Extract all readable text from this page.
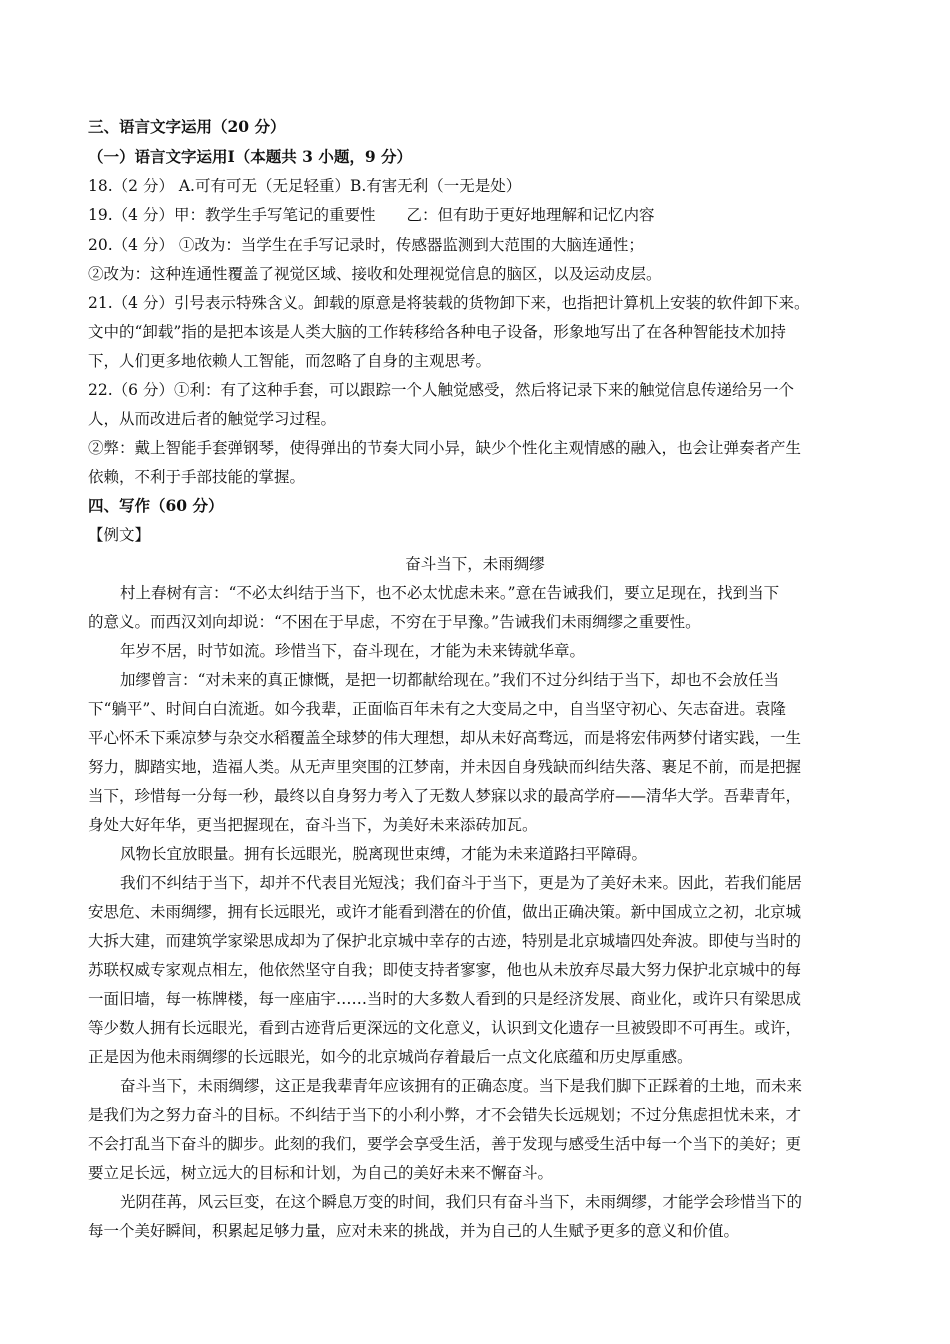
三、语言文字运用（20 分）
（一）语言文字运用Ⅰ（本题共 3 小题，9 分）
18.（2 分） A.可有可无（无足轻重）B.有害无利（一无是处）
19.（4 分）甲：教学生手写笔记的重要性　　乙：但有助于更好地理解和记忆内容
20.（4 分） ①改为：当学生在手写记录时，传感器监测到大范围的大脑连通性；
②改为：这种连通性覆盖了视觉区域、接收和处理视觉信息的脑区，以及运动皮层。
21.（4 分）引号表示特殊含义。卸载的原意是将装载的货物卸下来，也指把计算机上安装的软件卸下来。
文中的“卸载”指的是把本该是人类大脑的工作转移给各种电子设备，形象地写出了在各种智能技术加持
下，人们更多地依赖人工智能，而忽略了自身的主观思考。
22.（6 分）①利：有了这种手套，可以跟踪一个人触觉感受，然后将记录下来的触觉信息传递给另一个
人，从而改进后者的触觉学习过程。
②弊：戴上智能手套弹钢琴，使得弹出的节奏大同小异，缺少个性化主观情感的融入，也会让弹奏者产生
依赖，不利于手部技能的掌握。
四、写作（60 分）
【例文】
奋斗当下，未雨绸缪
村上春树有言：“不必太纠结于当下，也不必太忧虑未来。”意在告诫我们，要立足现在，找到当下
的意义。而西汉刘向却说：“不困在于早虑，不穷在于早豫。”告诫我们未雨绸缪之重要性。
年岁不居，时节如流。珍惜当下，奋斗现在，才能为未来铸就华章。
加缪曾言：“对未来的真正慷慨，是把一切都献给现在。”我们不过分纠结于当下，却也不会放任当
下“躺平”、时间白白流逝。如今我辈，正面临百年未有之大变局之中，自当坚守初心、矢志奋进。袁隆
平心怀禾下乘凉梦与杂交水稻覆盖全球梦的伟大理想，却从未好高骛远，而是将宏伟两梦付诸实践，一生
努力，脚踏实地，造福人类。从无声里突围的江梦南，并未因自身残缺而纠结失落、裹足不前，而是把握
当下，珍惜每一分每一秒，最终以自身努力考入了无数人梦寐以求的最高学府——清华大学。吾辈青年，
身处大好年华，更当把握现在，奋斗当下，为美好未来添砖加瓦。
风物长宜放眼量。拥有长远眼光，脱离现世束缚，才能为未来道路扫平障碍。
我们不纠结于当下，却并不代表目光短浅；我们奋斗于当下，更是为了美好未来。因此，若我们能居
安思危、未雨绸缪，拥有长远眼光，或许才能看到潜在的价值，做出正确决策。新中国成立之初，北京城
大拆大建，而建筑学家梁思成却为了保护北京城中幸存的古迹，特别是北京城墙四处奔波。即使与当时的
苏联权威专家观点相左，他依然坚守自我；即使支持者寥寥，他也从未放弃尽最大努力保护北京城中的每
一面旧墙，每一栋牌楼，每一座庙宇……当时的大多数人看到的只是经济发展、商业化，或许只有梁思成
等少数人拥有长远眼光，看到古迹背后更深远的文化意义，认识到文化遗存一旦被毁即不可再生。或许，
正是因为他未雨绸缪的长远眼光，如今的北京城尚存着最后一点文化底蕴和历史厚重感。
奋斗当下，未雨绸缪，这正是我辈青年应该拥有的正确态度。当下是我们脚下正踩着的土地，而未来
是我们为之努力奋斗的目标。不纠结于当下的小利小弊，才不会错失长远规划；不过分焦虑担忧未来，才
不会打乱当下奋斗的脚步。此刻的我们，要学会享受生活，善于发现与感受生活中每一个当下的美好；更
要立足长远，树立远大的目标和计划，为自己的美好未来不懈奋斗。
光阴荏苒，风云巨变，在这个瞬息万变的时间，我们只有奋斗当下，未雨绸缪，才能学会珍惜当下的
每一个美好瞬间，积累起足够力量，应对未来的挑战，并为自己的人生赋予更多的意义和价值。
